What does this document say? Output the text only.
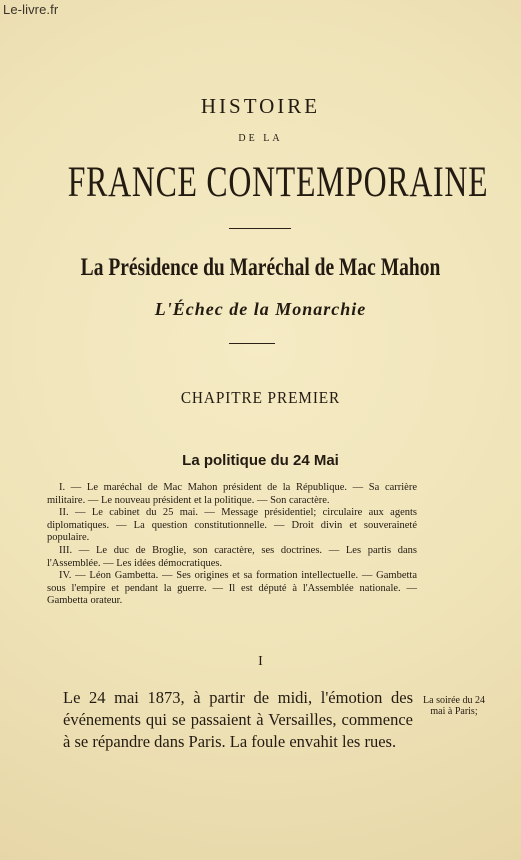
Le-livre.fr
HISTOIRE
DE LA
FRANCE CONTEMPORAINE
La Présidence du Maréchal de Mac Mahon
L'Échec de la Monarchie
CHAPITRE PREMIER
La politique du 24 Mai

I. — Le maréchal de Mac Mahon président de la République. — Sa carrière militaire. — Le nouveau président et la politique. — Son caractère.

II. — Le cabinet du 25 mai. — Message présidentiel; circulaire aux agents diplomatiques. — La question constitutionnelle. — Droit divin et souveraineté populaire.

III. — Le duc de Broglie, son caractère, ses doctrines. — Les partis dans l'Assemblée. — Les idées démocratiques.

IV. — Léon Gambetta. — Ses origines et sa formation intellectuelle. — Gambetta sous l'empire et pendant la guerre. — Il est député à l'Assemblée nationale. — Gambetta orateur.

I
Le 24 mai 1873, à partir de midi, l'émotion des événements qui se passaient à Versailles, commence à se répandre dans Paris. La foule envahit les rues.
La soirée du 24 mai à Paris;
